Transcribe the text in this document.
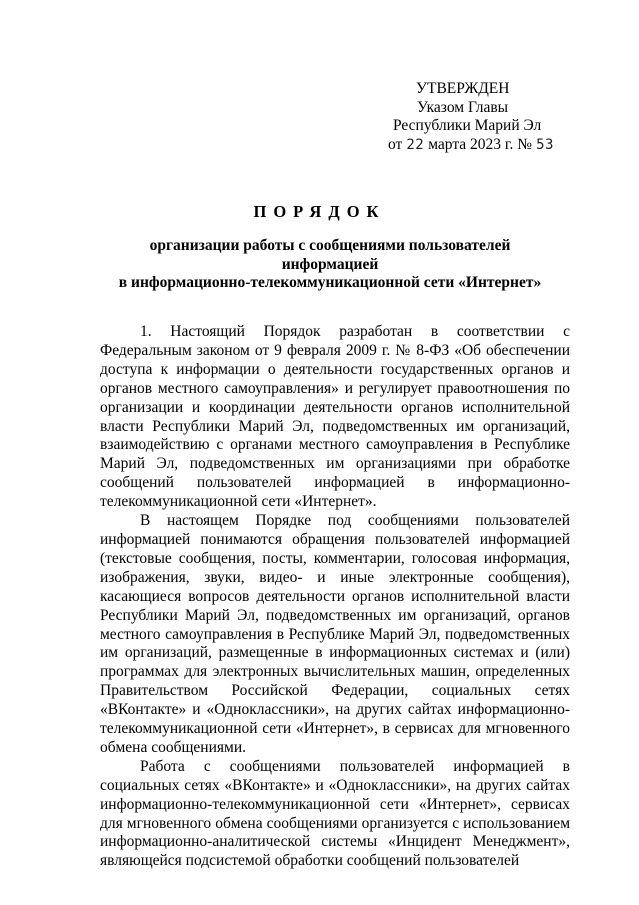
УТВЕРЖДЕН
Указом Главы
Республики Марий Эл
от 22 марта 2023 г. № 53
ПОРЯДОК
организации работы с сообщениями пользователей информацией
в информационно-телекоммуникационной сети «Интернет»

1. Настоящий Порядок разработан в соответствии с Федеральным законом от 9 февраля 2009 г. № 8-ФЗ «Об обеспечении доступа к информации о деятельности государственных органов и органов местного самоуправления» и регулирует правоотношения по организации и координации деятельности органов исполнительной власти Республики Марий Эл, подведомственных им организаций, взаимодействию с органами местного самоуправления в Республике Марий Эл, подведомственных им организациями при обработке сообщений пользователей информацией в информационно-телекоммуникационной сети «Интернет».

В настоящем Порядке под сообщениями пользователей информацией понимаются обращения пользователей информацией (текстовые сообщения, посты, комментарии, голосовая информация, изображения, звуки, видео- и иные электронные сообщения), касающиеся вопросов деятельности органов исполнительной власти Республики Марий Эл, подведомственных им организаций, органов местного самоуправления в Республике Марий Эл, подведомственных им организаций, размещенные в информационных системах и (или) программах для электронных вычислительных машин, определенных Правительством Российской Федерации, социальных сетях «ВКонтакте» и «Одноклассники», на других сайтах информационно-телекоммуникационной сети «Интернет», в сервисах для мгновенного обмена сообщениями.

Работа с сообщениями пользователей информацией в социальных сетях «ВКонтакте» и «Одноклассники», на других сайтах информационно-телекоммуникационной сети «Интернет», сервисах для мгновенного обмена сообщениями организуется с использованием информационно-аналитической системы «Инцидент Менеджмент», являющейся подсистемой обработки сообщений пользователей
